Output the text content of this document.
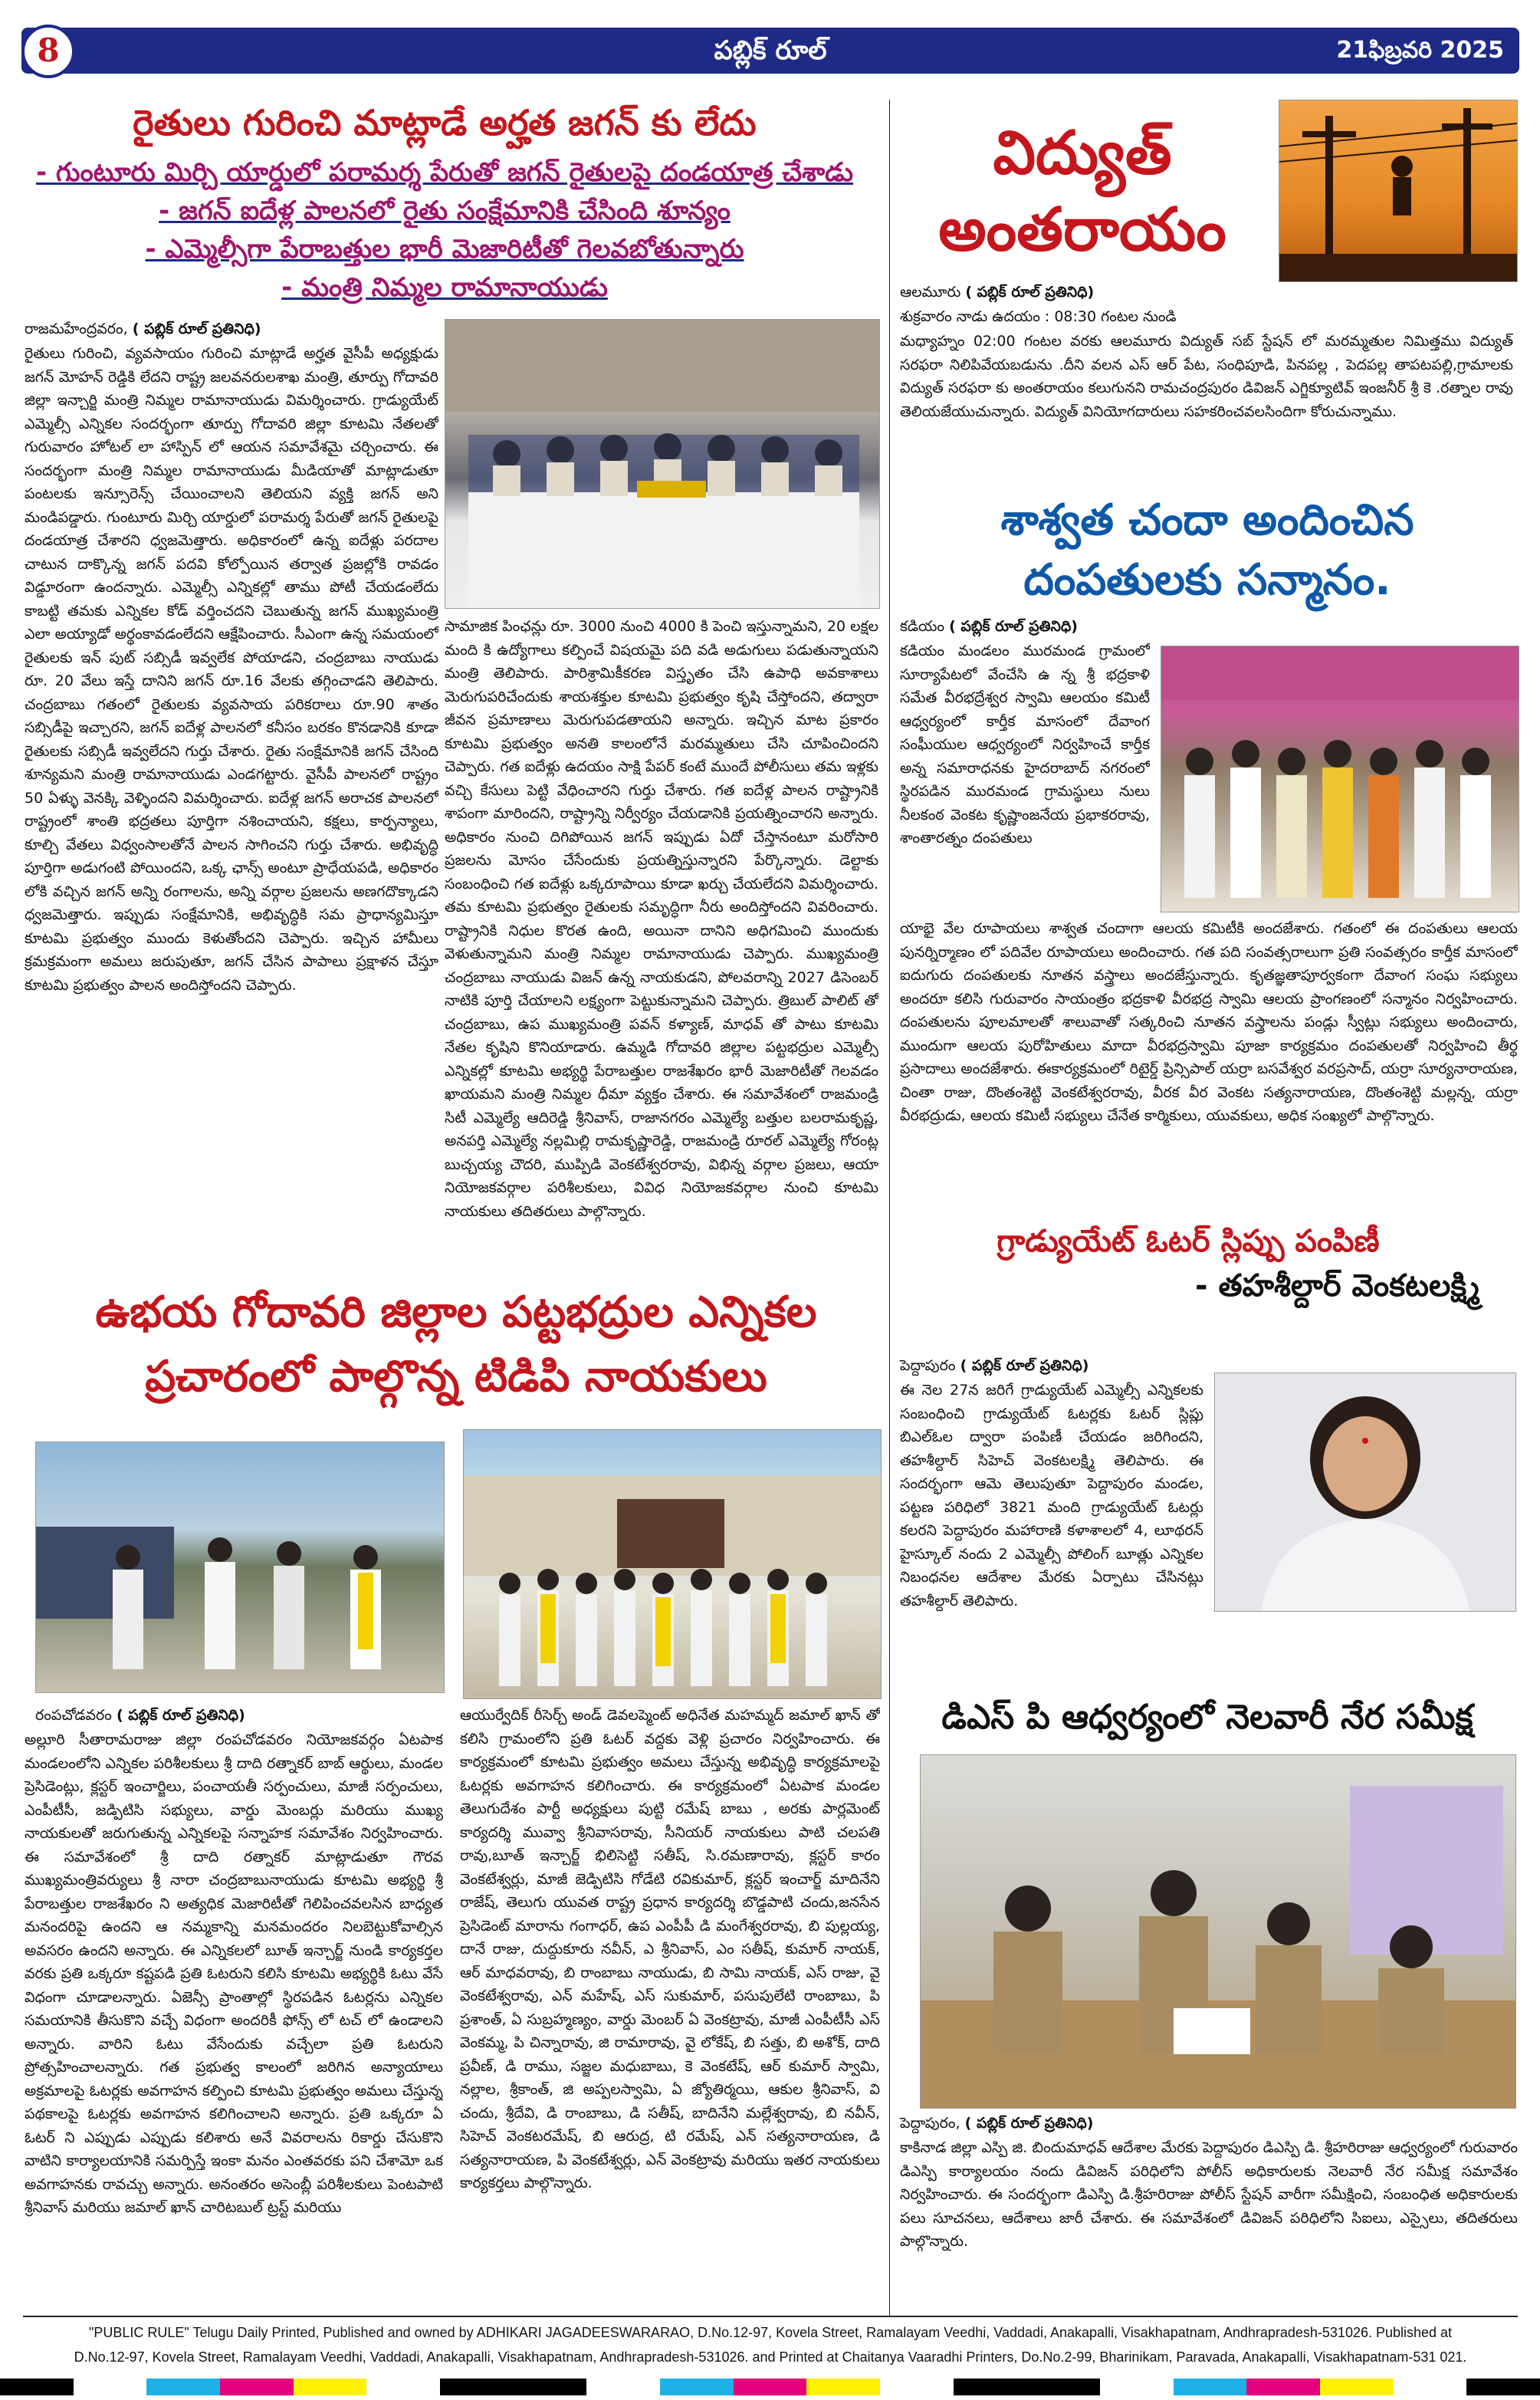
పబ్లిక్ రూల్
8	21ఫిబ్రవరి 2025
రైతులు గురించి మాట్లాడే అర్హత జగన్ కు లేదు
- గుంటూరు మిర్చి యార్డులో పరామర్శ పేరుతో జగన్ రైతులపై దండయాత్ర చేశాడు
- జగన్ ఐదేళ్ల పాలనలో రైతు సంక్షేమానికి చేసింది శూన్యం
- ఎమ్మెల్సీగా పేరాబత్తుల భారీ మెజారిటీతో గెలవబోతున్నారు
- మంత్రి నిమ్మల రామానాయుడు
రాజమహేంద్రవరం, ( పబ్లిక్ రూల్ ప్రతినిధి)

రైతులు గురించి, వ్యవసాయం గురించి మాట్లాడే అర్హత వైసీపీ అధ్యక్షుడు జగన్ మోహన్ రెడ్డికి లేదని రాష్ట్ర జలవనరులశాఖ మంత్రి, తూర్పు గోదావరి జిల్లా ఇన్చార్జి మంత్రి నిమ్మల రామానాయుడు విమర్శించారు. గ్రాడ్యుయేట్ ఎమ్మెల్సీ ఎన్నికల సందర్భంగా తూర్పు గోదావరి జిల్లా కూటమి నేతలతో గురువారం హోటల్ లా హాస్పిన్ లో ఆయన సమావేశమై చర్చించారు. ఈ సందర్భంగా మంత్రి నిమ్మల రామానాయుడు మీడియాతో మాట్లాడుతూ పంటలకు ఇన్సూరెన్స్ చేయించాలని తెలియని వ్యక్తి జగన్ అని మండిపడ్డారు. గుంటూరు మిర్చి యార్డులో పరామర్శ పేరుతో జగన్ రైతులపై దండయాత్ర చేశారని ధ్వజమెత్తారు. అధికారంలో ఉన్న ఐదేళ్లు పరదాల చాటున దాక్కొన్న జగన్ పదవి కోల్పోయిన తర్వాత ప్రజల్లోకి రావడం విడ్డూరంగా ఉందన్నారు. ఎమ్మెల్సీ ఎన్నికల్లో తాము పోటీ చేయడంలేదు కాబట్టి తమకు ఎన్నికల కోడ్ వర్తించదని చెబుతున్న జగన్ ముఖ్యమంత్రి ఎలా అయ్యాడో అర్థంకావడంలేదని ఆక్షేపించారు. సీఎంగా ఉన్న సమయంలో రైతులకు ఇన్ పుట్ సబ్సిడీ ఇవ్వలేక పోయాడని, చంద్రబాబు నాయుడు రూ. 20 వేలు ఇస్తే దానిని జగన్ రూ.16 వేలకు తగ్గించాడని తెలిపారు. చంద్రబాబు గతంలో రైతులకు వ్యవసాయ పరికరాలు రూ.90 శాతం సబ్సిడీపై ఇచ్చారని, జగన్ ఐదేళ్ల పాలనలో కనీసం బరకం కొనడానికి కూడా రైతులకు సబ్సిడీ ఇవ్వలేదని గుర్తు చేశారు. రైతు సంక్షేమానికి జగన్ చేసింది శూన్యమని మంత్రి రామానాయుడు ఎండగట్టారు. వైసీపీ పాలనలో రాష్ట్రం 50 ఏళ్ళు వెనక్కి వెళ్ళిందని విమర్శించారు. ఐదేళ్ల జగన్ అరాచక పాలనలో రాష్ట్రంలో శాంతి భద్రతలు పూర్తిగా నశించాయని, కక్షలు, కార్పన్యాలు, కూల్చి వేతలు విధ్వంసాలతోనే పాలన సాగించని గుర్తు చేశారు. అభివృద్ధి పూర్తిగా అడుగంటి పోయిందని, ఒక్క ఛాన్స్ అంటూ ప్రాధేయపడి, అధికారం లోకి వచ్చిన జగన్ అన్ని రంగాలను, అన్ని వర్గాల ప్రజలను అణగదొక్కాడని ధ్వజమెత్తారు. ఇప్పుడు సంక్షేమానికి, అభివృద్ధికి సమ ప్రాధాన్యమిస్తూ కూటమి ప్రభుత్వం ముందు కెళుతోందని చెప్పారు. ఇచ్చిన హామీలు క్రమక్రమంగా అమలు జరుపుతూ, జగన్ చేసిన పాపాలు ప్రక్షాళన చేస్తూ కూటమి ప్రభుత్వం పాలన అందిస్తోందని చెప్పారు.

సామాజిక పింఛన్లు రూ. 3000 నుంచి 4000 కి పెంచి ఇస్తున్నామని, 20 లక్షల మంది కి ఉద్యోగాలు కల్పించే విషయమై పది వడి అడుగులు పడుతున్నాయని మంత్రి తెలిపారు. పారిశ్రామికీకరణ విస్తృతం చేసి ఉపాధి అవకాశాలు మెరుగుపరిచేందుకు శాయశక్తుల కూటమి ప్రభుత్వం కృషి చేస్తోందని, తద్వారా జీవన ప్రమాణాలు మెరుగుపడతాయని అన్నారు. ఇచ్చిన మాట ప్రకారం కూటమి ప్రభుత్వం అనతి కాలంలోనే మరమ్మతులు చేసి చూపించిందని చెప్పారు. గత ఐదేళ్లు ఉదయం సాక్షి పేపర్ కంటే ముందే పోలీసులు తమ ఇళ్లకు వచ్చి కేసులు పెట్టి వేధించారని గుర్తు చేశారు. గత ఐదేళ్ల పాలన రాష్ట్రానికి శాపంగా మారిందని, రాష్ట్రాన్ని నిర్వీర్యం చేయడానికి ప్రయత్నించారని అన్నారు. అధికారం నుంచి దిగిపోయిన జగన్ ఇప్పుడు ఏదో చేస్తానంటూ మరోసారి ప్రజలను మోసం చేసేందుకు ప్రయత్నిస్తున్నారని పేర్కొన్నారు. డెల్టాకు సంబంధించి గత ఐదేళ్లు ఒక్కరూపాయి కూడా ఖర్చు చేయలేదని విమర్శించారు. తమ కూటమి ప్రభుత్వం రైతులకు సమృద్ధిగా నీరు అందిస్తోందని వివరించారు. రాష్ట్రానికి నిధుల కొరత ఉంది, అయినా దానిని అధిగమించి ముందుకు వెళుతున్నామని మంత్రి నిమ్మల రామానాయుడు చెప్పారు. ముఖ్యమంత్రి చంద్రబాబు నాయుడు విజన్ ఉన్న నాయకుడని, పోలవరాన్ని 2027 డిసెంబర్ నాటికి పూర్తి చేయాలని లక్ష్యంగా పెట్టుకున్నామని చెప్పారు. త్రిబుల్ పాలిట్ తో చంద్రబాబు, ఉప ముఖ్యమంత్రి పవన్ కళ్యాణ్, మాధవ్ తో పాటు కూటమి నేతల కృషిని కొనియాడారు. ఉమ్మడి గోదావరి జిల్లాల పట్టభద్రుల ఎమ్మెల్సీ ఎన్నికల్లో కూటమి అభ్యర్థి పేరాబత్తుల రాజశేఖరం భారీ మెజారిటీతో గెలవడం ఖాయమని మంత్రి నిమ్మల ధీమా వ్యక్తం చేశారు. ఈ సమావేశంలో రాజమండ్రి సిటీ ఎమ్మెల్యే ఆదిరెడ్డి శ్రీనివాస్, రాజానగరం ఎమ్మెల్యే బత్తుల బలరామకృష్ణ, అనపర్తి ఎమ్మెల్యే నల్లమిల్లి రామకృష్ణారెడ్డి, రాజమండ్రి రూరల్ ఎమ్మెల్యే గోరంట్ల బుచ్చయ్య చౌదరి, ముప్పిడి వెంకటేశ్వరరావు, విభిన్న వర్గాల ప్రజలు, ఆయా నియోజకవర్గాల పరిశీలకులు, వివిధ నియోజకవర్గాల నుంచి కూటమి నాయకులు తదితరులు పాల్గొన్నారు.

విద్యుత్
అంతరాయం
ఆలమూరు ( పబ్లిక్ రూల్ ప్రతినిధి)
శుక్రవారం నాడు ఉదయం : 08:30 గంటల నుండి

మధ్యాహ్నం 02:00 గంటల వరకు ఆలమూరు విద్యుత్ సబ్ స్టేషన్ లో మరమ్మతుల నిమిత్తము విద్యుత్ సరఫరా నిలిపివేయబడును .దీని వలన ఎస్ ఆర్ పేట, సంధిపూడి, పినపల్ల , పెదపల్ల తాపటపల్లి,గ్రామాలకు విద్యుత్ సరఫరా కు అంతరాయం కలుగునని రామచంద్రపురం డివిజన్ ఎగ్జిక్యూటివ్ ఇంజనీర్ శ్రీ కె .రత్నాల రావు తెలియజేయుచున్నారు. విద్యుత్ వినియోగదారులు సహకరించవలసిందిగా కోరుచున్నాము.

శాశ్వత చందా అందించిన
దంపతులకు సన్మానం.
కడియం ( పబ్లిక్ రూల్ ప్రతినిధి)

కడియం మండలం మురమండ గ్రామంలో సూర్యాపేటలో వేంచేసి ఉ న్న శ్రీ భద్రకాళి సమేత వీరభద్రేశ్వర స్వామి ఆలయం కమిటీ ఆధ్వర్యంలో కార్తీక మాసంలో దేవాంగ సంఘీయుల ఆధ్వర్యంలో నిర్వహించే కార్తీక అన్న సమారాధనకు హైదరాబాద్ నగరంలో స్థిరపడిన మురమండ గ్రామస్థులు నులు నీలకంఠ వెంకట కృష్ణాంజనేయ ప్రభాకరరావు, శాంతారత్నం దంపతులు

యాభై వేల రూపాయలు శాశ్వత చందాగా ఆలయ కమిటీకి అందజేశారు. గతంలో ఈ దంపతులు ఆలయ పునర్నిర్మాణం లో పదివేల రూపాయలు అందించారు. గత పది సంవత్సరాలుగా ప్రతి సంవత్సరం కార్తీక మాసంలో ఐదుగురు దంపతులకు నూతన వస్త్రాలు అందజేస్తున్నారు. కృతజ్ఞతాపూర్వకంగా దేవాంగ సంఘ సభ్యులు అందరూ కలిసి గురువారం సాయంత్రం భద్రకాళి వీరభద్ర స్వామి ఆలయ ప్రాంగణంలో సన్మానం నిర్వహించారు. దంపతులను పూలమాలతో శాలువాతో సత్కరించి నూతన వస్త్రాలను పండ్లు స్వీట్లు సభ్యులు అందించారు, ముందుగా ఆలయ పురోహితులు మాదా వీరభద్రస్వామి పూజా కార్యక్రమం దంపతులతో నిర్వహించి తీర్థ ప్రసాదాలు అందజేశారు. ఈకార్యక్రమంలో రిటైర్డ్ ప్రిన్సిపాల్ యర్రా బసవేశ్వర వరప్రసాద్, యర్రా సూర్యనారాయణ, చింతా రాజు, దొంతంశెట్టి వెంకటేశ్వరరావు, వీరక వీర వెంకట సత్యనారాయణ, దొంతంశెట్టి మల్లన్న, యర్రా వీరభద్రుడు, ఆలయ కమిటీ సభ్యులు చేనేత కార్మికులు, యువకులు, అధిక సంఖ్యలో పాల్గొన్నారు.

గ్రాడ్యుయేట్ ఓటర్ స్లిప్పు పంపిణీ
- తహశీల్దార్ వెంకటలక్ష్మి
పెద్దాపురం ( పబ్లిక్ రూల్ ప్రతినిధి)

ఈ నెల 27న జరిగే గ్రాడ్యుయేట్ ఎమ్మెల్సీ ఎన్నికలకు సంబంధించి గ్రాడ్యుయేట్ ఓటర్లకు ఓటర్ స్లిప్లు బిఎల్ఓల ద్వారా పంపిణీ చేయడం జరిగిందని, తహశీల్దార్ సిహెచ్ వెంకటలక్ష్మి తెలిపారు. ఈ సందర్భంగా ఆమె తెలుపుతూ పెద్దాపురం మండల, పట్టణ పరిధిలో 3821 మంది గ్రాడ్యుయేట్ ఓటర్లు కలరని పెద్దాపురం మహారాణి కళాశాలలో 4, లూథరన్ హైస్కూల్ నందు 2 ఎమ్మెల్సీ పోలింగ్ బూత్లు ఎన్నికల నిబంధనల ఆదేశాల మేరకు ఏర్పాటు చేసినట్లు తహశీల్దార్ తెలిపారు.

ఉభయ గోదావరి జిల్లాల పట్టభద్రుల ఎన్నికల
ప్రచారంలో పాల్గొన్న టిడిపి నాయకులు
రంపచోడవరం ( పబ్లిక్ రూల్ ప్రతినిధి)

అల్లూరి సీతారామరాజు జిల్లా రంపచోడవరం నియోజకవర్గం ఏటపాక మండలంలోని ఎన్నికల పరిశీలకులు శ్రీ దాది రత్నాకర్ బాబ్ ఆర్థులు, మండల ప్రెసిడెంట్లు, క్లస్టర్ ఇంచార్జిలు, పంచాయతీ సర్పంచులు, మాజీ సర్పంచులు, ఎంపీటీసీ, జడ్పిటిసి సభ్యులు, వార్డు మెంబర్లు మరియు ముఖ్య నాయకులతో జరుగుతున్న ఎన్నికలపై సన్నాహక సమావేశం నిర్వహించారు. ఈ సమావేశంలో శ్రీ దాది రత్నాకర్ మాట్లాడుతూ గౌరవ ముఖ్యమంత్రివర్యులు శ్రీ నారా చంద్రబాబునాయుడు కూటమి అభ్యర్థి శ్రీ పేరాబత్తుల రాజశేఖరం ని అత్యధిక మెజారిటీతో గెలిపించవలసిన బాధ్యత మనందరిపై ఉందని ఆ నమ్మకాన్ని మనమందరం నిలబెట్టుకోవాల్సిన అవసరం ఉందని అన్నారు. ఈ ఎన్నికలలో బూత్ ఇన్చార్జ్ నుండి కార్యకర్తల వరకు ప్రతి ఒక్కరూ కష్టపడి ప్రతి ఓటరుని కలిసి కూటమి అభ్యర్థికి ఓటు వేసే విధంగా చూడాలన్నారు. ఏజెన్సీ ప్రాంతాల్లో స్థిరపడిన ఓటర్లను ఎన్నికల సమయానికి తీసుకొని వచ్చే విధంగా అందరికీ ఫోన్స్ లో టచ్ లో ఉండాలని అన్నారు. వారిని ఓటు వేసేందుకు వచ్చేలా ప్రతి ఓటరుని ప్రోత్సహించాలన్నారు. గత ప్రభుత్వ కాలంలో జరిగిన అన్యాయాలు అక్రమాలపై ఓటర్లకు అవగాహన కల్పించి కూటమి ప్రభుత్వం అమలు చేస్తున్న పథకాలపై ఓటర్లకు అవగాహన కలిగించాలని అన్నారు. ప్రతి ఒక్కరూ ఏ ఓటర్ ని ఎప్పుడు ఎప్పుడు కలిశారు అనే వివరాలను రికార్డు చేసుకొని వాటిని కార్యాలయానికి సమర్పిస్తే ఇంకా మనం ఎంతవరకు పని చేశామో ఒక అవగాహనకు రావచ్చు అన్నారు. అనంతరం అసెంబ్లీ పరిశీలకులు పెంటపాటి శ్రీనివాస్ మరియు జమాల్ ఖాన్ చారిటబుల్ ట్రస్ట్ మరియు

ఆయుర్వేదిక్ రీసెర్చ్ అండ్ డెవలప్మెంట్ అధినేత మహమ్మద్ జమాల్ ఖాన్ తో కలిసి గ్రామంలోని ప్రతి ఓటర్ వద్దకు వెళ్లి ప్రచారం నిర్వహించారు. ఈ కార్యక్రమంలో కూటమి ప్రభుత్వం అమలు చేస్తున్న అభివృద్ధి కార్యక్రమాలపై ఓటర్లకు అవగాహన కలిగించారు. ఈ కార్యక్రమంలో ఏటపాక మండల తెలుగుదేశం పార్టీ అధ్యక్షులు పుట్టి రమేష్ బాబు , అరకు పార్లమెంట్ కార్యదర్శి మువ్వా శ్రీనివాసరావు, సీనియర్ నాయకులు పాటి చలపతి రావు,బూత్ ఇన్చార్జ్ భిలిసెట్టి సతీష్, సి.రమణారావు, క్లస్టర్ కారం వెంకటేశ్వర్లు, మాజీ జెడ్పిటిసి గోడేటి రవికుమార్, క్లస్టర్ ఇంచార్జ్ మాదినేని రాజేష్, తెలుగు యువత రాష్ట్ర ప్రధాన కార్యదర్శి బొడ్డపాటి చందు,జనసేన ప్రెసిడెంట్ మారాను గంగాధర్, ఉప ఎంపీపీ డి మంగేశ్వరరావు, బి పుల్లయ్య, దానే రాజు, దుద్దుకూరు నవీన్, ఎ శ్రీనివాస్, ఎం సతీష్, కుమార్ నాయక్, ఆర్ మాధవరావు, బి రాంబాబు నాయుడు, బి సామి నాయక్, ఎస్ రాజు, వై వెంకటేశ్వరావు, ఎన్ మహేష్, ఎస్ సుకుమార్, పసుపులేటి రాంబాబు, పి ప్రశాంత్, ఏ సుబ్రహ్మణ్యం, వార్డు మెంబర్ ఏ వెంకట్రావు, మాజీ ఎంపీటీసీ ఎస్ వెంకమ్మ, పి చిన్నారావు, జి రామారావు, వై లోకేష్, బి సత్తు, బి అశోక్, దాది ప్రవీణ్, డి రాము, సజ్జల మధుబాబు, కె వెంకటేష్, ఆర్ కుమార్ స్వామి, నల్లాల, శ్రీకాంత్, జి అప్పలస్వామి, ఏ జ్యోతిర్మయి, ఆకుల శ్రీనివాస్, వి చందు, శ్రీదేవి, డి రాంబాబు, డి సతీష్, బాదినేని మల్లేశ్వరావు, బి నవీన్, సిహెచ్ వెంకటరమేష్, బి ఆరుద్ర, టి రమేష్, ఎన్ సత్యనారాయణ, డి సత్యనారాయణ, పి వెంకటేశ్వర్లు, ఎన్ వెంకట్రావు మరియు ఇతర నాయకులు కార్యకర్తలు పాల్గొన్నారు.

డిఎస్ పి ఆధ్వర్యంలో నెలవారీ నేర సమీక్ష
పెద్దాపురం, ( పబ్లిక్ రూల్ ప్రతినిధి)

కాకినాడ జిల్లా ఎస్పి జి. బిందుమాధవ్ ఆదేశాల మేరకు పెద్దాపురం డిఎస్పి డి. శ్రీహరిరాజు ఆధ్వర్యంలో గురువారం డిఎస్పి కార్యాలయం నందు డివిజన్ పరిధిలోని పోలీస్ అధికారులకు నెలవారీ నేర సమీక్ష సమావేశం నిర్వహించారు. ఈ సందర్భంగా డిఎస్పి డి.శ్రీహరిరాజు పోలీస్ స్టేషన్ వారీగా సమీక్షించి, సంబంధిత అధికారులకు పలు సూచనలు, ఆదేశాలు జారీ చేశారు. ఈ సమావేశంలో డివిజన్ పరిధిలోని సిఐలు, ఎస్సైలు, తదితరులు పాల్గొన్నారు.

"PUBLIC RULE" Telugu Daily Printed, Published and owned by ADHIKARI JAGADEESWARARAO, D.No.12-97, Kovela Street, Ramalayam Veedhi, Vaddadi, Anakapalli, Visakhapatnam, Andhrapradesh-531026. Published at
D.No.12-97, Kovela Street, Ramalayam Veedhi, Vaddadi, Anakapalli, Visakhapatnam, Andhrapradesh-531026. and Printed at Chaitanya Vaaradhi Printers, Do.No.2-99, Bharinikam, Paravada, Anakapalli, Visakhapatnam-531 021.
